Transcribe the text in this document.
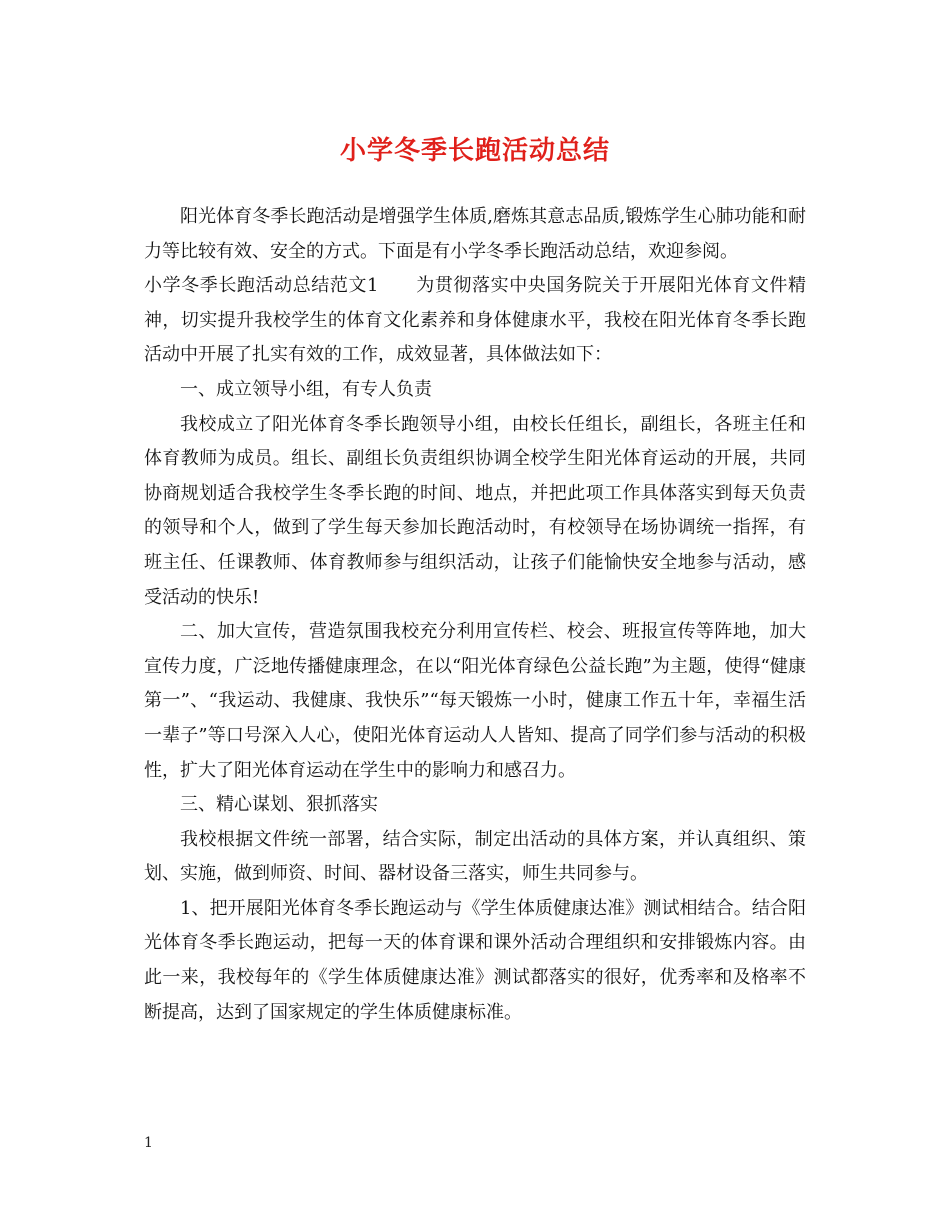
小学冬季长跑活动总结

阳光体育冬季长跑活动是增强学生体质,磨炼其意志品质,锻炼学生心肺功能和耐力等比较有效、安全的方式。下面是有小学冬季长跑活动总结，欢迎参阅。

小学冬季长跑活动总结范文1　　为贯彻落实中央国务院关于开展阳光体育文件精神，切实提升我校学生的体育文化素养和身体健康水平，我校在阳光体育冬季长跑活动中开展了扎实有效的工作，成效显著，具体做法如下：

一、成立领导小组，有专人负责

我校成立了阳光体育冬季长跑领导小组，由校长任组长，副组长，各班主任和体育教师为成员。组长、副组长负责组织协调全校学生阳光体育运动的开展，共同协商规划适合我校学生冬季长跑的时间、地点，并把此项工作具体落实到每天负责的领导和个人，做到了学生每天参加长跑活动时，有校领导在场协调统一指挥，有班主任、任课教师、体育教师参与组织活动，让孩子们能愉快安全地参与活动，感受活动的快乐!

二、加大宣传，营造氛围我校充分利用宣传栏、校会、班报宣传等阵地，加大宣传力度，广泛地传播健康理念，在以“阳光体育绿色公益长跑”为主题，使得“健康第一”、“我运动、我健康、我快乐”“每天锻炼一小时，健康工作五十年，幸福生活一辈子”等口号深入人心，使阳光体育运动人人皆知、提高了同学们参与活动的积极性，扩大了阳光体育运动在学生中的影响力和感召力。

三、精心谋划、狠抓落实

我校根据文件统一部署，结合实际，制定出活动的具体方案，并认真组织、策划、实施，做到师资、时间、器材设备三落实，师生共同参与。

1、把开展阳光体育冬季长跑运动与《学生体质健康达准》测试相结合。结合阳光体育冬季长跑运动，把每一天的体育课和课外活动合理组织和安排锻炼内容。由此一来，我校每年的《学生体质健康达准》测试都落实的很好，优秀率和及格率不断提高，达到了国家规定的学生体质健康标准。

1
